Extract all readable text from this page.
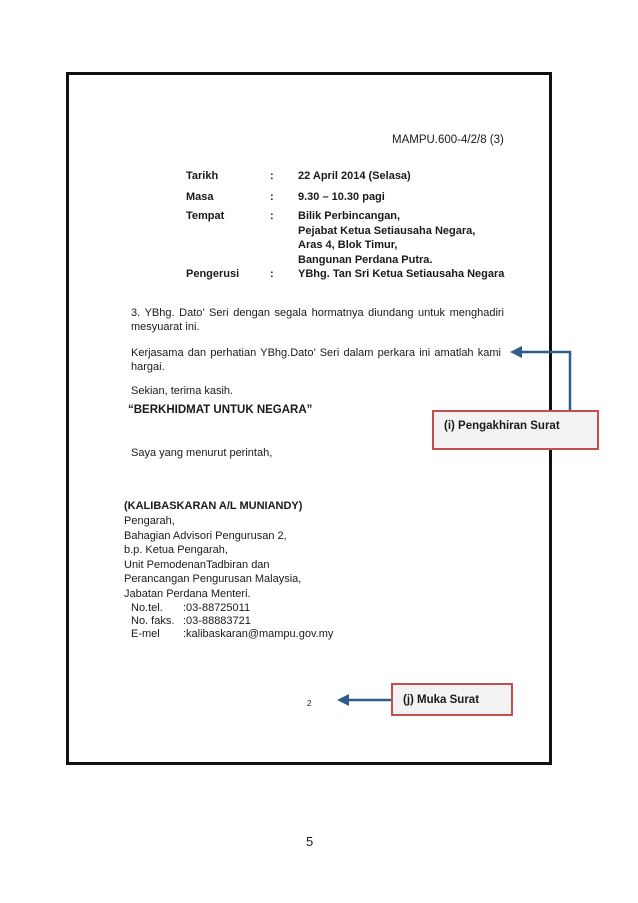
MAMPU.600-4/2/8 (3)
Tarikh	: 22 April 2014 (Selasa)
Masa	: 9.30 – 10.30 pagi
Tempat	: Bilik Perbincangan,
Pejabat Ketua Setiausaha Negara,
Aras 4, Blok Timur,
Bangunan Perdana Putra.
Pengerusi	: YBhg. Tan Sri Ketua Setiausaha Negara
3. YBhg. Dato’ Seri dengan segala hormatnya diundang untuk menghadiri mesyuarat ini.
Kerjasama dan perhatian YBhg.Dato’ Seri dalam perkara ini amatlah kami hargai.
Sekian, terima kasih.
“BERKHIDMAT UNTUK NEGARA”
Saya yang menurut perintah,
(KALIBASKARAN A/L MUNIANDY)
Pengarah,
Bahagian Advisori Pengurusan 2,
b.p. Ketua Pengarah,
Unit PemodenanTadbiran dan
Perancangan Pengurusan Malaysia,
Jabatan Perdana Menteri.
No.tel. :03-88725011
No. faks. :03-88883721
E-mel :kalibaskaran@mampu.gov.my
2
(i) Pengakhiran Surat
(j) Muka Surat
5
